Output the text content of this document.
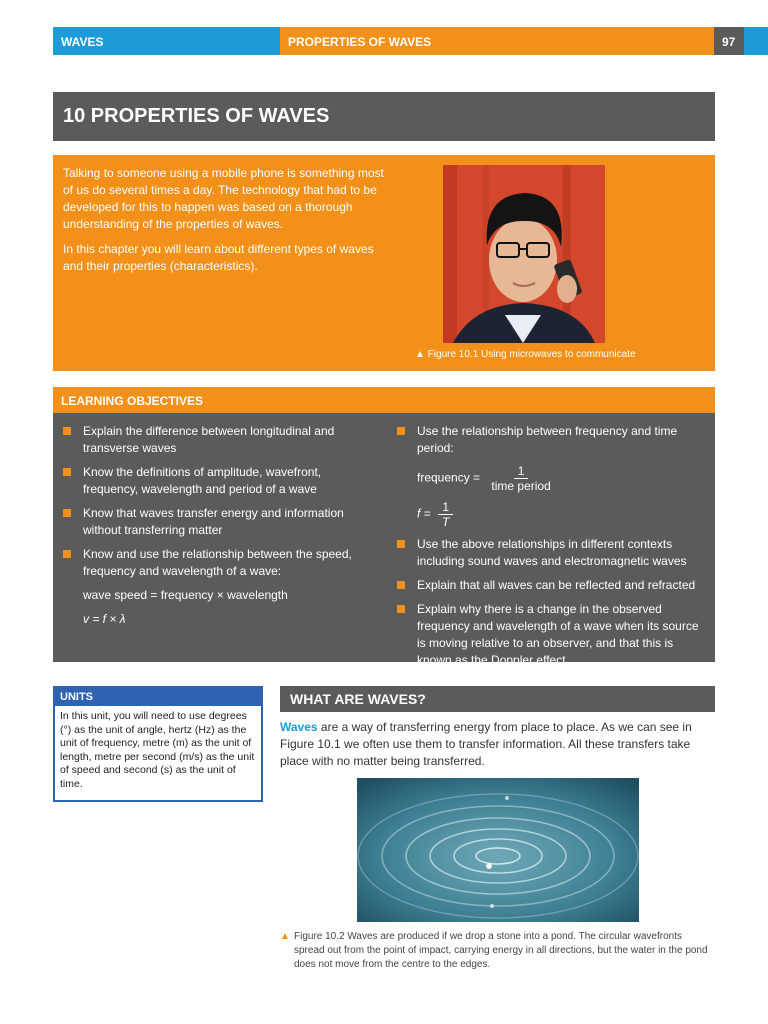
WAVES	PROPERTIES OF WAVES	97
10 PROPERTIES OF WAVES

Talking to someone using a mobile phone is something most of us do several times a day. The technology that had to be developed for this to happen was based on a thorough understanding of the properties of waves.

In this chapter you will learn about different types of waves and their properties (characteristics).

▲ Figure 10.1 Using microwaves to communicate
LEARNING OBJECTIVES
Explain the difference between longitudinal and transverse waves
Know the definitions of amplitude, wavefront, frequency, wavelength and period of a wave
Know that waves transfer energy and information without transferring matter
Know and use the relationship between the speed, frequency and wavelength of a wave:
wave speed = frequency × wavelength
v = f × λ
Use the relationship between frequency and time period:
frequency = $\frac{1}{\text{time period}}$
$f = \frac{1}{T}$
Use the above relationships in different contexts including sound waves and electromagnetic waves
Explain that all waves can be reflected and refracted
Explain why there is a change in the observed frequency and wavelength of a wave when its source is moving relative to an observer, and that this is known as the Doppler effect
UNITS
In this unit, you will need to use degrees (°) as the unit of angle, hertz (Hz) as the unit of frequency, metre (m) as the unit of length, metre per second (m/s) as the unit of speed and second (s) as the unit of time.
WHAT ARE WAVES?
Waves are a way of transferring energy from place to place. As we can see in Figure 10.1 we often use them to transfer information. All these transfers take place with no matter being transferred.
▲ Figure 10.2 Waves are produced if we drop a stone into a pond. The circular wavefronts spread out from the point of impact, carrying energy in all directions, but the water in the pond does not move from the centre to the edges.
